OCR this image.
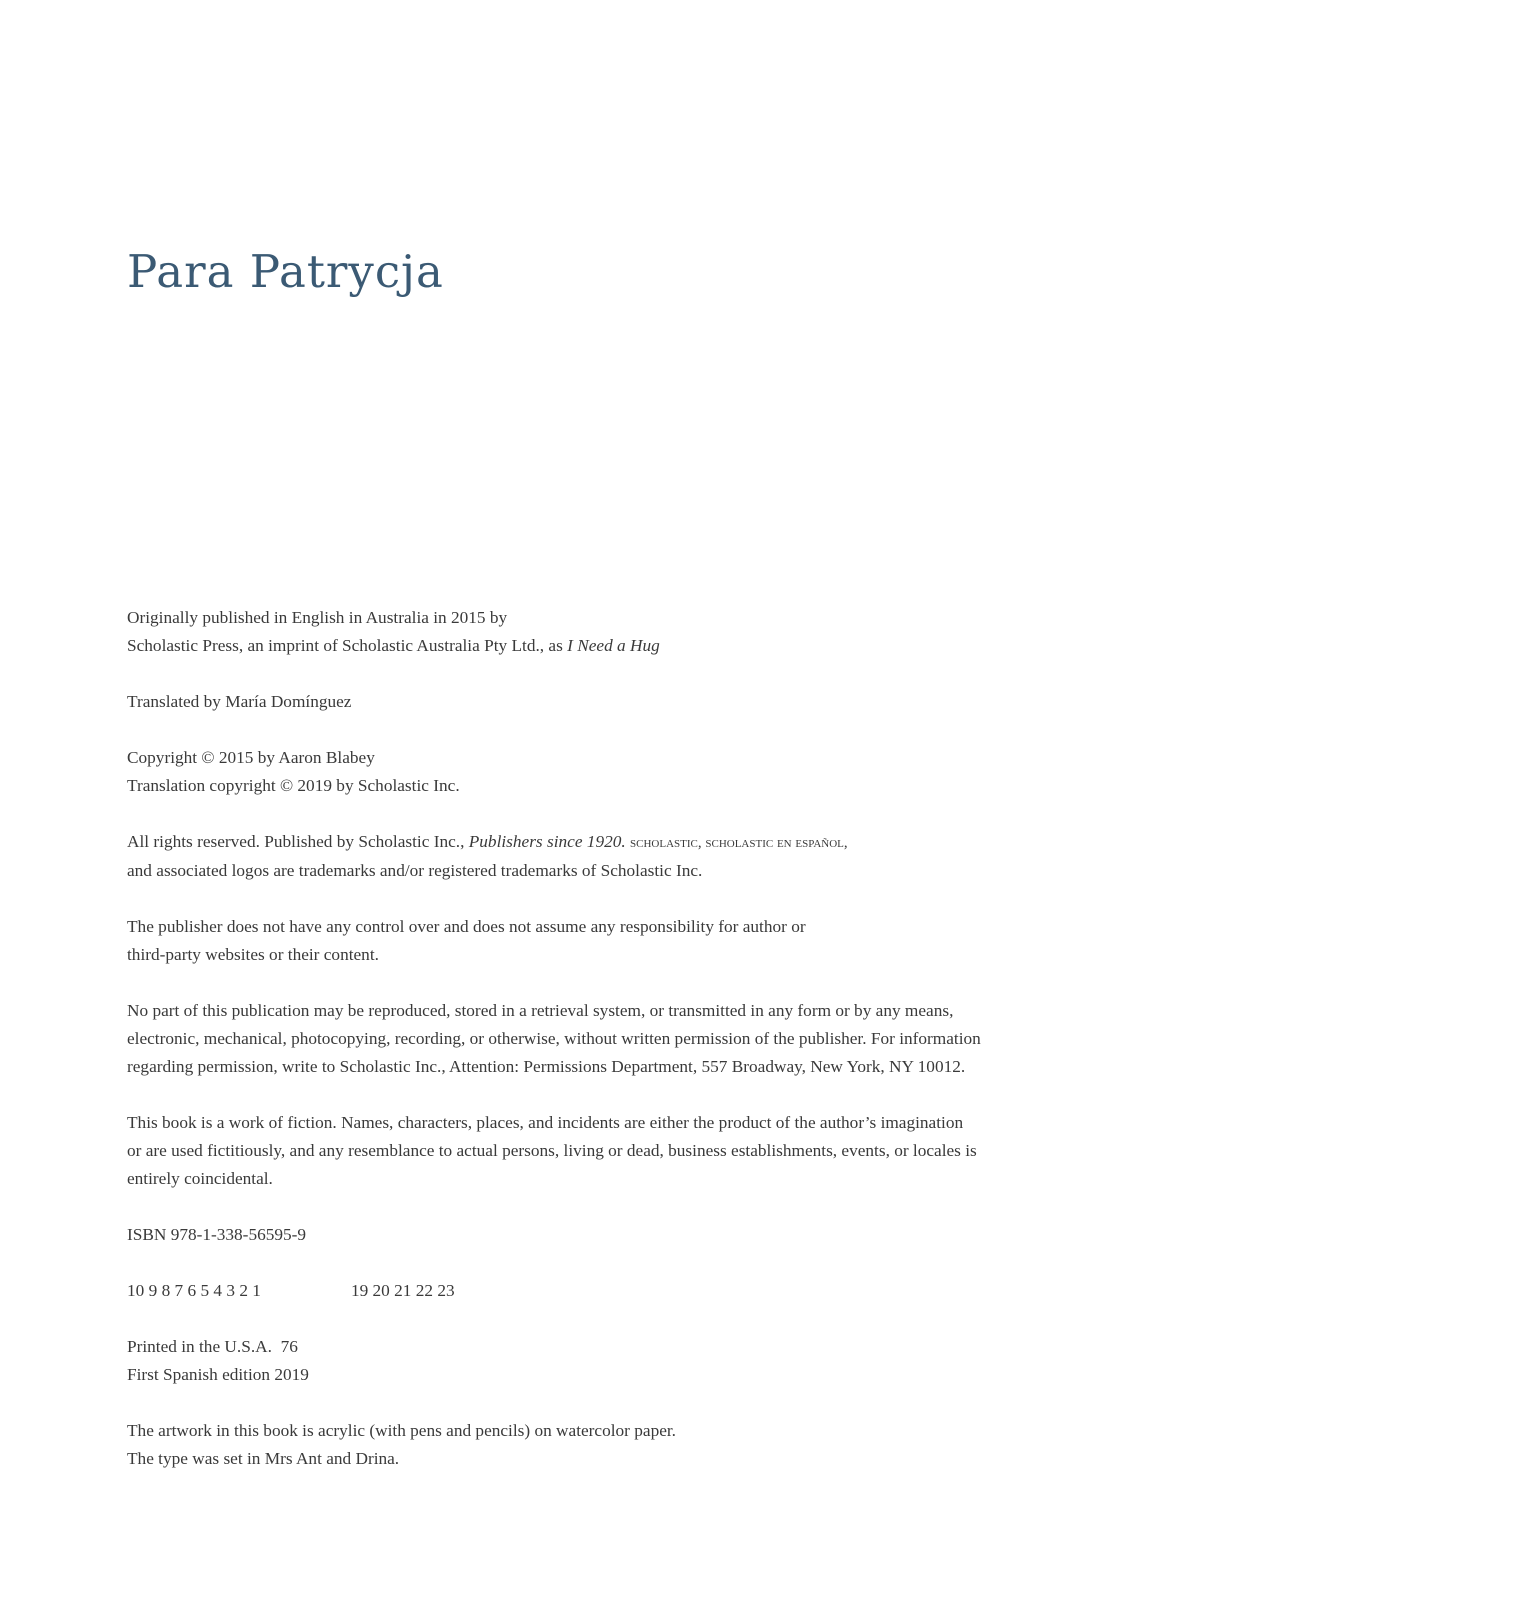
Para Patrycja

Originally published in English in Australia in 2015 by
Scholastic Press, an imprint of Scholastic Australia Pty Ltd., as I Need a Hug

Translated by María Domínguez

Copyright © 2015 by Aaron Blabey
Translation copyright © 2019 by Scholastic Inc.

All rights reserved. Published by Scholastic Inc., Publishers since 1920. scholastic, scholastic en español,
and associated logos are trademarks and/or registered trademarks of Scholastic Inc.

The publisher does not have any control over and does not assume any responsibility for author or
third-party websites or their content.

No part of this publication may be reproduced, stored in a retrieval system, or transmitted in any form or by any means,
electronic, mechanical, photocopying, recording, or otherwise, without written permission of the publisher. For information
regarding permission, write to Scholastic Inc., Attention: Permissions Department, 557 Broadway, New York, NY 10012.

This book is a work of fiction. Names, characters, places, and incidents are either the product of the author’s imagination
or are used fictitiously, and any resemblance to actual persons, living or dead, business establishments, events, or locales is
entirely coincidental.

ISBN 978-1-338-56595-9

10 9 8 7 6 5 4 3 2 1	19 20 21 22 23

Printed in the U.S.A.  76
First Spanish edition 2019

The artwork in this book is acrylic (with pens and pencils) on watercolor paper.
The type was set in Mrs Ant and Drina.
